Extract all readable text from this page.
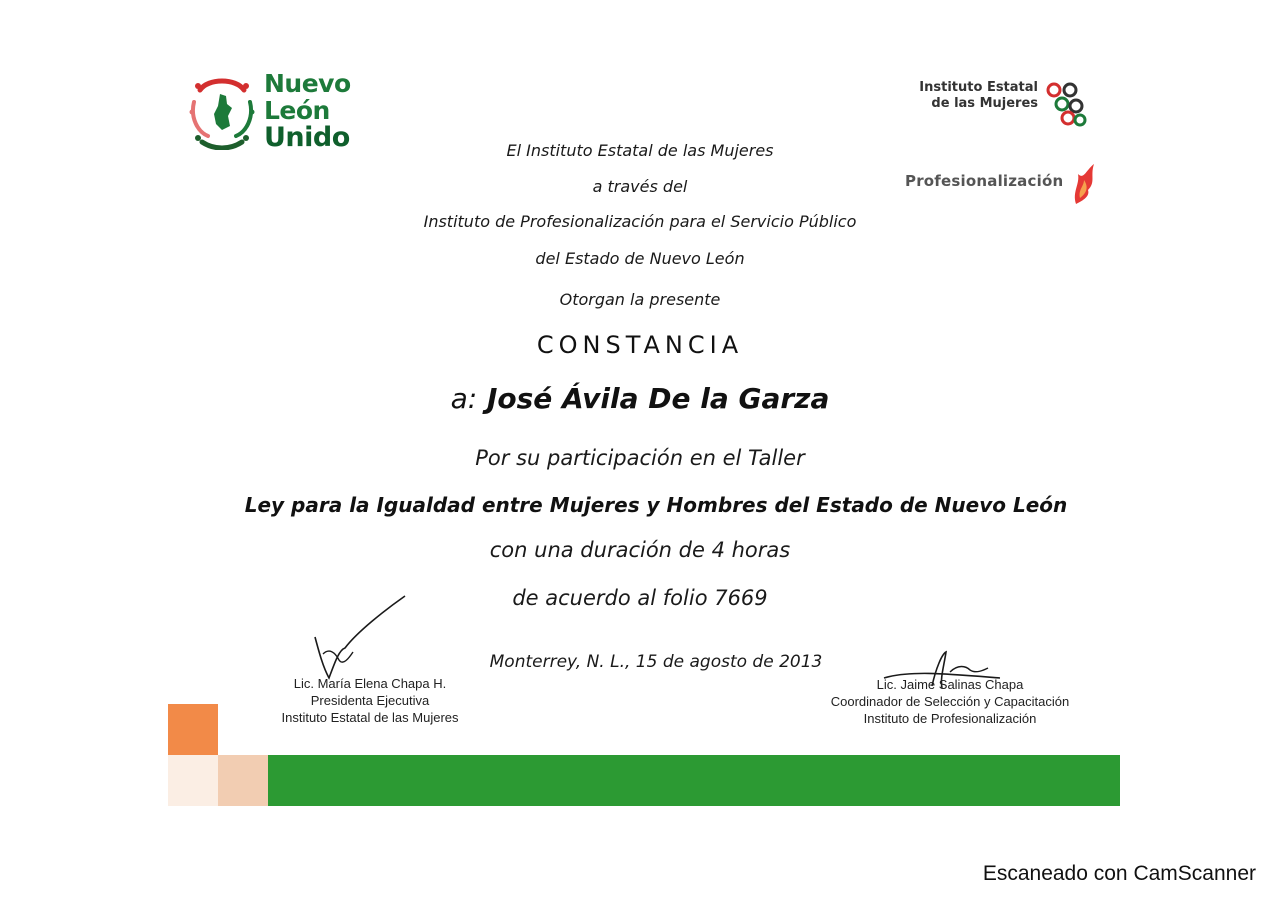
Nuevo
León
Unido
Instituto Estatal
de las Mujeres
Profesionalización
El Instituto Estatal de las Mujeres
a través del
Instituto de Profesionalización para el Servicio Público
del Estado de Nuevo León
Otorgan la presente
CONSTANCIA
a: José Ávila De la Garza
Por su participación en el Taller
Ley para la Igualdad entre Mujeres y Hombres del Estado de Nuevo León
con una duración de 4 horas
de acuerdo al folio 7669
Monterrey, N. L., 15 de agosto de 2013
Lic. María Elena Chapa H.
Presidenta Ejecutiva
Instituto Estatal de las Mujeres
Lic. Jaime Salinas Chapa
Coordinador de Selección y Capacitación
Instituto de Profesionalización
Escaneado con CamScanner
